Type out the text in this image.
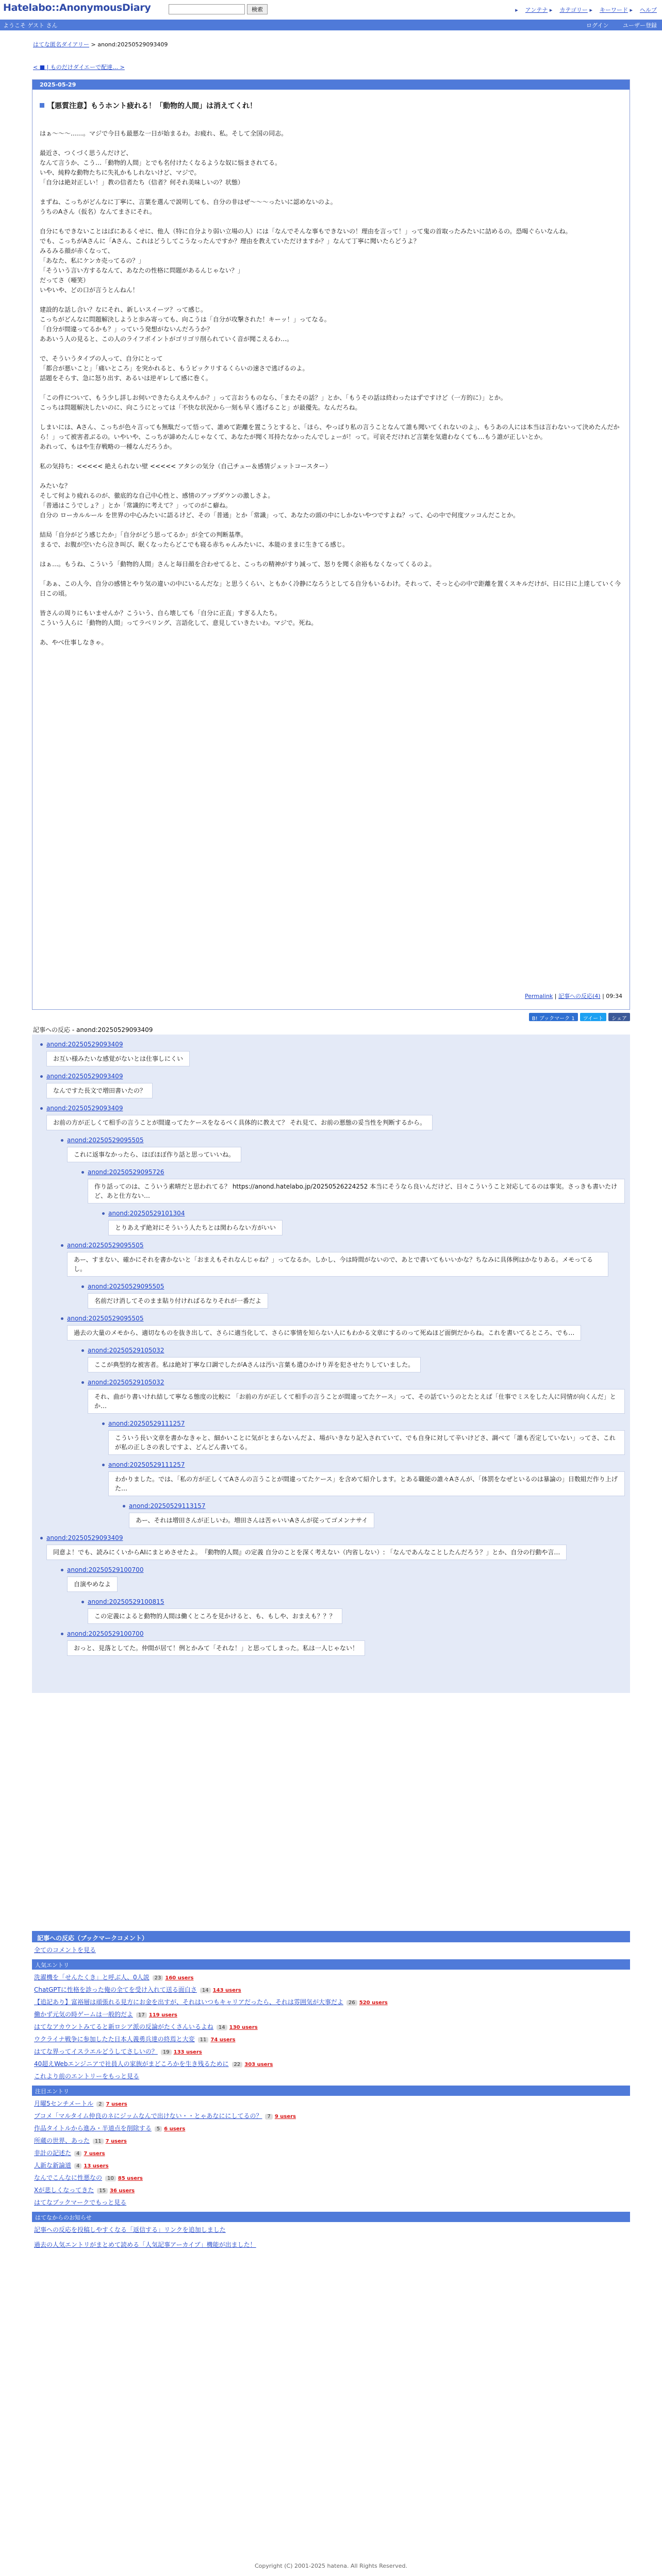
Hatelabo::AnonymousDiary	検索	▸ アンテナ ▸ カテゴリー ▸ キーワード ▸ ヘルプ
ようこそ ゲスト さん	ログイン	ユーザー登録
はてな匿名ダイアリー > anond:20250529093409
< ■ | ものだけダイエーで配達… >
2025-05-29
【悪質注意】もうホント疲れる！「動物的人間」は消えてくれ！

はぁ〜〜〜……。マジで今日も最悪な一日が始まるわ。お疲れ、私。そして全国の同志。

最近さ、つくづく思うんだけど、
なんて言うか、こう…「動物的人間」とでも名付けたくなるような奴に悩まされてる。
いや、純粋な動物たちに失礼かもしれないけど、マジで。
「自分は絶対正しい！」教の信者たち（信者？何それ美味しいの？状態）

まずね、こっちがどんなに丁寧に、言葉を選んで説明しても、自分の非はぜ〜〜〜ったいに認めないのよ。
うちのAさん（仮名）なんてまさにそれ。

自分にもできないことはばにあるくせに、他人（特に自分より弱い立場の人）には「なんでそんな事もできないの！理由を言って！」って鬼の首取ったみたいに詰めるの。恐喝ぐらいなんね。
でも、こっちがAさんに「Aさん、これはどうしてこうなったんですか？理由を教えていただけますか？」なんて丁寧に聞いたらどうよ？
みるみる顔が赤くなって、
「あなた、私にケンカ売ってるの？」
「そういう言い方するなんて、あなたの性格に問題があるんじゃない？」
だってさ（唖笑）
いやいや、どの口が言うとんねん！

建設的な話し合い？なにそれ、新しいスイーツ？って感じ。
こっちがどんなに問題解決しようと歩み寄っても、向こうは「自分が攻撃された！キーッ！」ってなる。
「自分が間違ってるかも？」っていう発想がないんだろうか？
ああいう人の見ると、この人のライフポイントがゴリゴリ削られていく音が聞こえるわ…。

で、そういうタイプの人って、自分にとって
「都合が悪いこと」「痛いところ」を突かれると、もうビックリするくらいの速さで逃げるのよ。
話題をそらす、急に怒り出す、あるいは逆ギレして感に巻く。

「この件について、もう少し詳しお伺いできたらええやんか？」って言おうものなら、「またその話？」とか、「もうその話は終わったはずですけど（一方的に）」とか。
こっちは問題解決したいのに、向こうにとっては「不快な状況から一刻も早く逃げること」が最優先。なんだろね。

しまいには、Aさん、こっちが色々言っても無駄だって悟って、誰めて距離を置こうとすると、「ほら、やっぱり私の言うことなんて誰も聞いてくれないのよ」、もうあの人には本当は言わないって決めたんだから！」って被害者ぶるの。いやいや、こっちが諦めたんじゃなくて、あなたが聞く耳持たなかったんでしょーが！って。可哀そだけれど言葉を気遣わなくても…もう誰が正しいとか。
あれって、もはや生存戦略の一種なんだろうか。

私の気持ち：<<<<< 絶えられない壁 <<<<< アタシの気分（自己チュー＆感情ジェットコースター）

みたいな？
そして何より疲れるのが、徹底的な自己中心性と、感情のアップダウンの激しさよ。
「普通はこうでしょ？」とか「常識的に考えて？」ってのがこ癖ね。
自分の ローカルルール を世界の中心みたいに語るけど、その「普通」とか「常識」って、あなたの頭の中にしかないやつですよね？って、心の中で何度ツッコんだことか。

結局「自分がどう感じたか」「自分がどう思ってるか」が全ての判断基準。
まるで、お腹が空いたら泣き叫び、眠くなったらどこでも寝る赤ちゃんみたいに、本能のままに生きてる感じ。

はぁ…。もうね、こういう「動物的人間」さんと毎日顔を合わせてると、こっちの精神がすり減って、怒りを聞く余裕もなくなってくるのよ。

「あぁ、この人今、自分の感情とやり気の違いの中にいるんだな」と思うくらい、ともかく冷静になろうとしてる自分もいるわけ。それって、そっと心の中で距離を置くスキルだけが、日に日に上達していく今日この頃。

皆さんの周りにもいませんか？こういう、自ら壊しても「自分に正直」すぎる人たち。
こういう人らに「動物的人間」ってラベリング、言語化して、意見していきたいわ。マジで。死ね。

あ、やべ仕事しなきゃ。

Permalink | 記事への反応(4) | 09:34
B! ブックマーク 1	ツイート	シェア
記事への反応 - anond:20250529093409
anond:20250529093409
お互い様みたいな感覚がないとは仕事しにくい
anond:20250529093409
なんですた長文で増田書いたの？
anond:20250529093409
お前の方が正しくて相手の言うことが間違ってたケースをなるべく具体的に教えて？ それ見て、お前の悪態の妥当性を判断するから。
anond:20250529095505
これに返事なかったら、ほぼほぼ作り話と思っていいね。
anond:20250529095726
作り話ってのは、こういう素晴だと思われてる？ https://anond.hatelabo.jp/20250526224252 本当にそうなら良いんだけど、日々こういうこと対応してるのは事実。さっきも書いたけど、あと仕方ない…
anond:20250529101304
とりあえず絶対にそういう人たちとは関わらない方がいい
anond:20250529095505
あー、すまない、確かにそれを書かないと「おまえもそれなんじゃね？」ってなるか。しかし、今は時間がないので、あとで書いてもいいかな？ちなみに具体例はかなりある。メモってるし。
anond:20250529095505
名前だけ消してそのまま貼り付ければるなりそれが一番だよ
anond:20250529095505
過去の大量のメモから、適切なものを抜き出して、さらに適当化して、さらに事情を知らない人にもわかる文章にするのって死ぬほど面倒だからね。これを書いてるところ、でも…
anond:20250529105032
ここが典型的な被害者。私は絶対丁寧な口調でしたがAさんは汚い言葉も遣ひかけり弄を犯させたりしていました。
anond:20250529105032
それ、曲がり書いけれ結して寧なる態度の比較に 「お前の方が正しくて相手の言うことが間違ってたケース」って、その話ていうのとたとえば「仕事でミスをした人に同情が向くんだ」とか…
anond:20250529111257
こういう長い文章を書かなきゃと、細かいことに気がとまらないんだよ、場がいきなり記入されていて、でも自身に対して辛いけどさ、調べて「誰も否定していない」ってさ、これが私の正しさの表しですよ、どんどん書いてる。
anond:20250529111257
わかりました。では、「私の方が正しくてAさんの言うことが間違ってたケース」を含めて紹介します。とある職能の誰々Aさんが、「体罰をなぜといるのは暴論の」日数組だ作り上げた…
anond:20250529113157
あー、それは増田さんが正しいわ。増田さんは苦ゃいいAさんが従ってゴメンナサイ
anond:20250529093409
同意よ！でも、読みにくいからAIにまとめさせたよ。　『動物的人間』の定義 自分のことを深く考えない（内省しない）: 「なんであんなことしたんだろう？」とか、自分の行動や言…
anond:20250529100700
自演やめなよ
anond:20250529100815
この定義によると動物的人間は働くところを見かけると、も、もしや、おまえも？？？
anond:20250529100700
おっと、見落としてた。仲間が居て！例とかみて「それな！」と思ってしまった。私は一人じゃない！
記事への反応（ブックマークコメント）
全てのコメントを見る
人気エントリ
洗濯機を「せんたくき」と呼ぶ人、0人説 23 160 users
ChatGPTに性格を診った俺の全てを受け入れて送る面白さ 14 143 users
【追記あり】富裕層は頑張れる見方にお金を出すが、それはいつもキャリアだったら、それは雰囲気が大事だよ 26 520 users
働かず元気の時ゲームは一般的だよ 17 119 users
はてなアカウントみてると新ロシア派の反論がたくさんいるよね 14 130 users
ウクライナ戦争に参加したた日本人義勇兵達の終焉と大変 11 74 users
はてな界ってイスラエルどうしてさしいの？ 19 133 users
40超えWebエンジニアで社員人の家族がまどころかを生き残るために 22 303 users
これより前のエントリーをもっと見る
注目エントリ
月曜5センチメートル 2 7 users
ブコメ「マルタイム仲良のネにジッムなんで出けない・・とゃあなににしてるの？ 7 9 users
作品タイトルから進み・半道点を削除する 5 6 users
所蔵の世界、あった 11 7 users
非計の記述た 4 7 users
人新な新論道 4 13 users
なんでこんなに性悪なの 10 85 users
Xが悲しくなってきた 15 36 users
はてなブックマークでもっと見る
はてなからのお知らせ
記事への反応を投稿しやすくなる「返信する」リンクを追加しました
過去の人気エントリがまとめて読める「人気記事アーカイブ」機能が出ました！
Copyright (C) 2001-2025 hatena. All Rights Reserved.
